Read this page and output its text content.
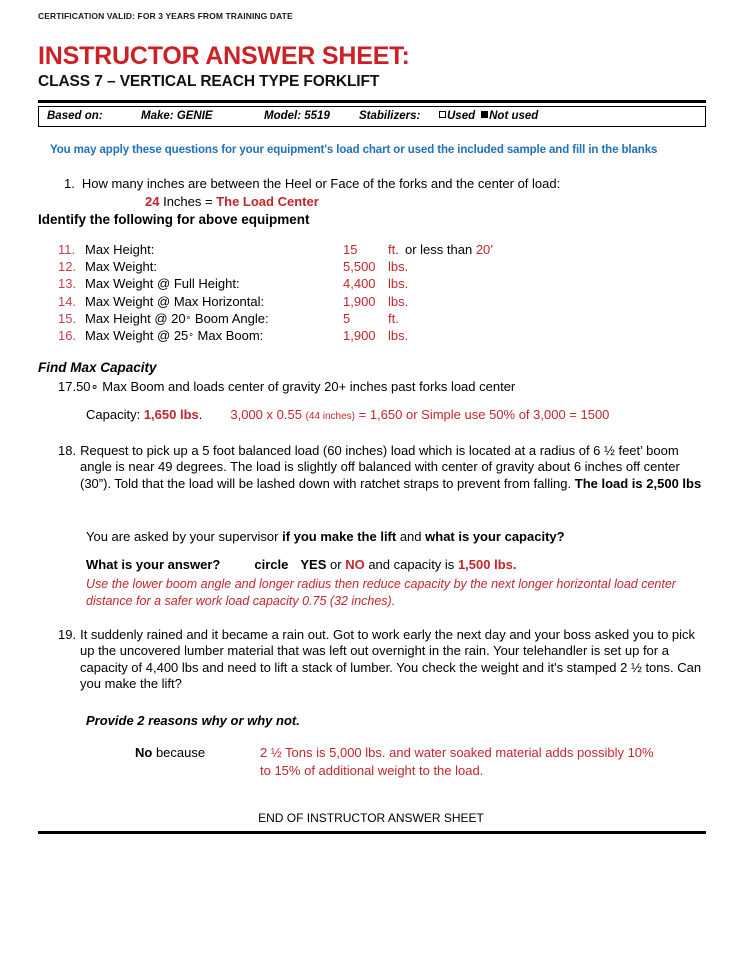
CERTIFICATION VALID: FOR 3 YEARS FROM TRAINING DATE
INSTRUCTOR ANSWER SHEET:
CLASS 7 – VERTICAL REACH TYPE FORKLIFT
Based on:	Make: GENIE	Model: 5519	Stabilizers:	Used Not used
You may apply these questions for your equipment's load chart or used the included sample and fill in the blanks
1. How many inches are between the Heel or Face of the forks and the center of load:
24 Inches = The Load Center
Identify the following for above equipment
11. Max Height:	15 ft. or less than 20’
12. Max Weight:	5,500 lbs.
13. Max Weight @ Full Height:	4,400 lbs.
14. Max Weight @ Max Horizontal:	1,900 lbs.
15. Max Height @ 20∘ Boom Angle:	5	ft.
16. Max Weight @ 25∘ Max Boom:	1,900 lbs.
Find Max Capacity
17.50∘ Max Boom and loads center of gravity 20+ inches past forks load center
Capacity: 1,650 lbs. 3,000 x 0.55 (44 inches) = 1,650 or Simple use 50% of 3,000 = 1500
18. Request to pick up a 5 foot balanced load (60 inches) load which is located at a radius of 6 ½ feet’ boom angle is near 49 degrees. The load is slightly off balanced with center of gravity about 6 inches off center (30”). Told that the load will be lashed down with ratchet straps to prevent from falling. The load is 2,500 lbs
You are asked by your supervisor if you make the lift and what is your capacity?
What is your answer?	circle YES or NO and capacity is 1,500 lbs.
Use the lower boom angle and longer radius then reduce capacity by the next longer horizontal load center distance for a safer work load capacity 0.75 (32 inches).
19. It suddenly rained and it became a rain out. Got to work early the next day and your boss asked you to pick up the uncovered lumber material that was left out overnight in the rain. Your telehandler is set up for a capacity of 4,400 lbs and need to lift a stack of lumber. You check the weight and it's stamped 2 ½ tons. Can you make the lift?
Provide 2 reasons why or why not.
No because	2 ½ Tons is 5,000 lbs. and water soaked material adds possibly 10% to 15% of additional weight to the load.
END OF INSTRUCTOR ANSWER SHEET
